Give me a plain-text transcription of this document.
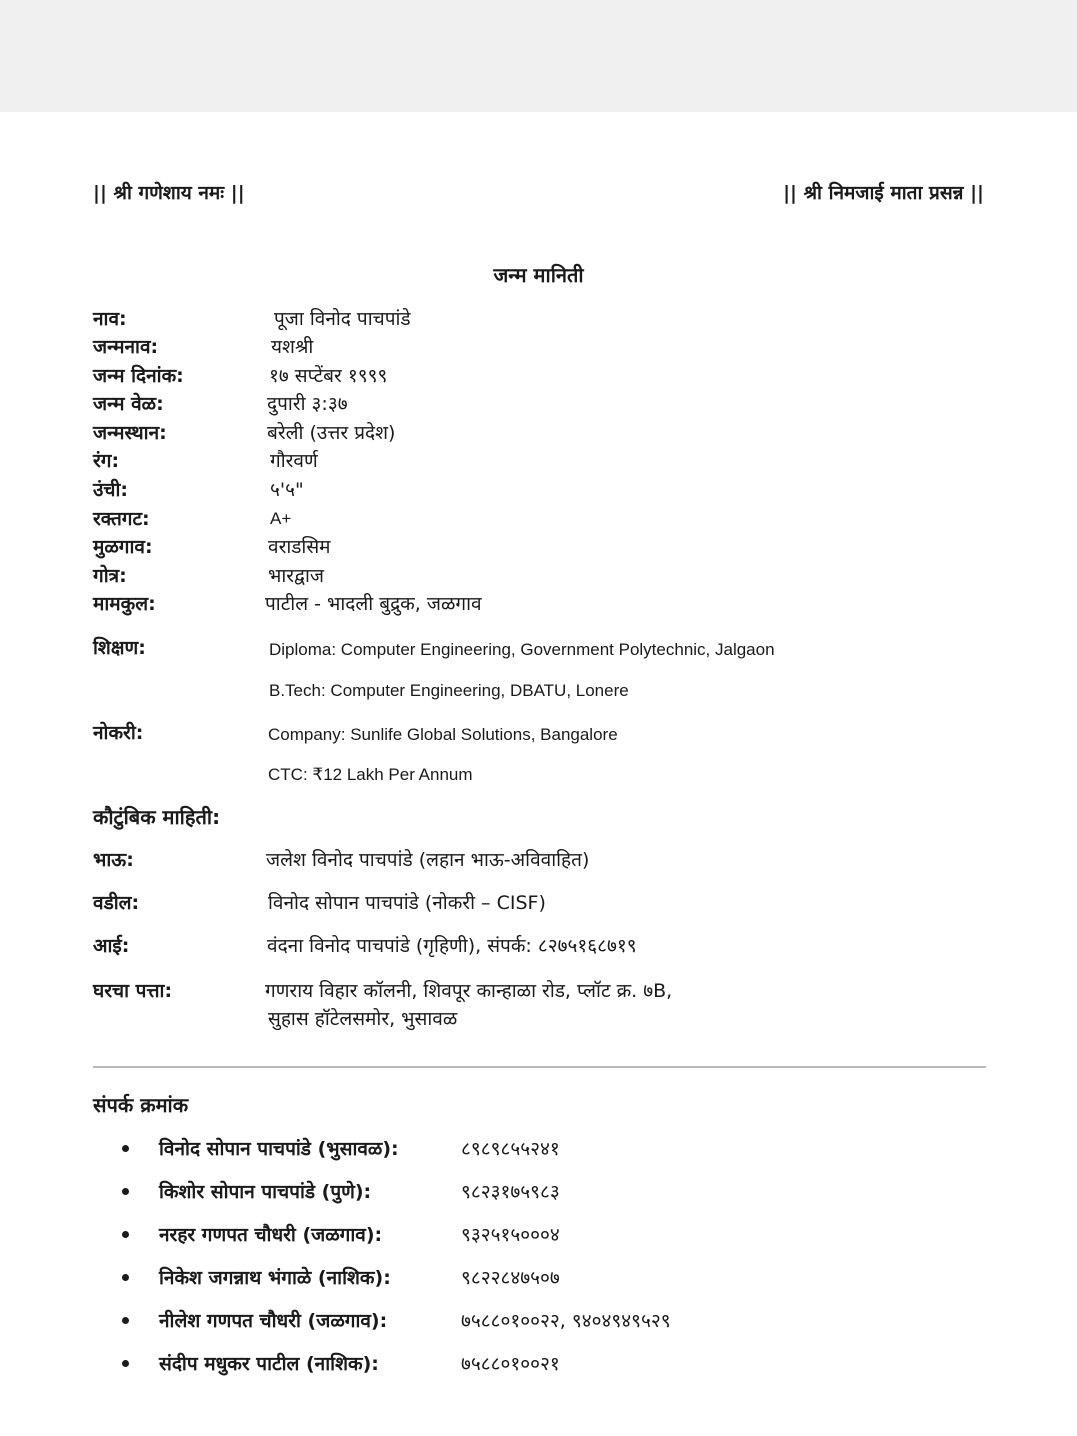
|| श्री गणेशाय नमः ||	|| श्री निमजाई माता प्रसन्न ||
जन्म मानिती
नाव:	पूजा विनोद पाचपांडे
जन्मनाव:	यशश्री
जन्म दिनांक:	१७ सप्टेंबर १९९९
जन्म वेळ:	दुपारी ३:३७
जन्मस्थान:	बरेली (उत्तर प्रदेश)
रंग:	गौरवर्ण
उंची:	५'५"
रक्तगट:	A+
मुळगाव:	वराडसिम
गोत्र:	भारद्वाज
मामकुल:	पाटील - भादली बुद्रुक, जळगाव
शिक्षण:	Diploma: Computer Engineering, Government Polytechnic, Jalgaon
B.Tech: Computer Engineering, DBATU, Lonere
नोकरी:	Company: Sunlife Global Solutions, Bangalore
CTC: ₹12 Lakh Per Annum
कौटुंबिक माहिती:
भाऊ:	जलेश विनोद पाचपांडे (लहान भाऊ-अविवाहित)
वडील:	विनोद सोपान पाचपांडे (नोकरी – CISF)
आई:	वंदना विनोद पाचपांडे (गृहिणी), संपर्क: ८२७५१६८७१९
घरचा पत्ता:	गणराय विहार कॉलनी, शिवपूर कान्हाळा रोड, प्लॉट क्र. ७B,
सुहास हॉटेलसमोर, भुसावळ
संपर्क क्रमांक
विनोद सोपान पाचपांडे (भुसावळ):	८९८९८५५२४१
किशोर सोपान पाचपांडे (पुणे):	९८२३१७५९८३
नरहर गणपत चौधरी (जळगाव):	९३२५१५०००४
निकेश जगन्नाथ भंगाळे (नाशिक):	९८२२८४७५०७
नीलेश गणपत चौधरी (जळगाव):	७५८८०१००२२, ९४०४९४९५२९
संदीप मधुकर पाटील (नाशिक):	७५८८०१००२१
